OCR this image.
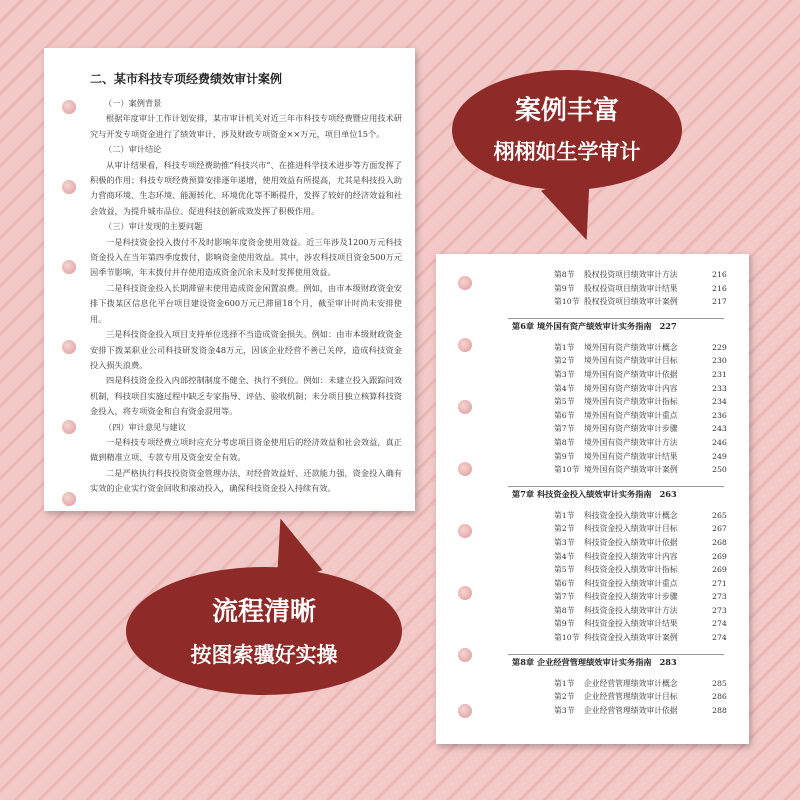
二、某市科技专项经费绩效审计案例
（一）案例背景
根据年度审计工作计划安排，某市审计机关对近三年市科技专项经费暨应用技术研究与开发专项资金进行了绩效审计，涉及财政专项资金××万元，项目单位15个。
（二）审计结论
从审计结果看，科技专项经费助推“科技兴市”、在推进科学技术进步等方面发挥了积极的作用；科技专项经费预算安排逐年递增，使用效益有所提高，尤其是科技投入助力营商环境、生态环境、能源转化、环境优化等不断提升，发挥了较好的经济效益和社会效益，为提升城市品位、促进科技创新成效发挥了积极作用。
（三）审计发现的主要问题
一是科技资金投入拨付不及时影响年度资金使用效益。近三年涉及1200万元科技资金投入在当年第四季度拨付，影响资金使用效益。其中，涉农科技项目资金500万元因季节影响，年末拨付并存使用造成资金沉余未及时发挥使用效益。
二是科技资金投入长期滞留未使用造成资金闲置浪费。例如，由市本级财政资金安排下拨某区信息化平台项目建设资金600万元已滞留18个月，截至审计时尚未安排使用。
三是科技资金投入项目支持单位选择不当造成资金损失。例如：由市本级财政资金安排下拨某职业公司科技研发资金48万元，因该企业经营不善已关停，造成科技资金投入损失浪费。
四是科技资金投入内部控制制度不健全、执行不到位。例如：未建立投入跟踪问效机制，科技项目实施过程中缺乏专家指导、评估、验收机制；未分项目独立核算科技资金投入，将专项资金和自有资金混用等。
（四）审计意见与建议
一是科技专项经费立项时应充分考虑项目资金使用后的经济效益和社会效益，真正做到精准立项、专款专用及资金安全有效。
二是严格执行科技投资资金管理办法，对经营效益好、还款能力强，资金投入确有实效的企业实行资金回收和滚动投入，确保科技资金投入持续有效。
第8节 股权投资项目绩效审计方法	216
第9节 股权投资项目绩效审计结果	216
第10节 股权投资项目绩效审计案例	217
第6章 境外国有资产绩效审计实务指南 227
第1节 境外国有资产绩效审计概念	229
第2节 境外国有资产绩效审计目标	230
第3节 境外国有资产绩效审计依据	231
第4节 境外国有资产绩效审计内容	233
第5节 境外国有资产绩效审计指标	234
第6节 境外国有资产绩效审计重点	236
第7节 境外国有资产绩效审计步骤	243
第8节 境外国有资产绩效审计方法	246
第9节 境外国有资产绩效审计结果	249
第10节 境外国有资产绩效审计案例	250
第7章 科技资金投入绩效审计实务指南 263
第1节 科技资金投入绩效审计概念	265
第2节 科技资金投入绩效审计目标	267
第3节 科技资金投入绩效审计依据	268
第4节 科技资金投入绩效审计内容	269
第5节 科技资金投入绩效审计指标	269
第6节 科技资金投入绩效审计重点	271
第7节 科技资金投入绩效审计步骤	273
第8节 科技资金投入绩效审计方法	273
第9节 科技资金投入绩效审计结果	274
第10节 科技资金投入绩效审计案例	274
第8章 企业经营管理绩效审计实务指南 283
第1节 企业经营管理绩效审计概念	285
第2节 企业经营管理绩效审计目标	286
第3节 企业经营管理绩效审计依据	288
案例丰富
栩栩如生学审计
流程清晰
按图索骥好实操
